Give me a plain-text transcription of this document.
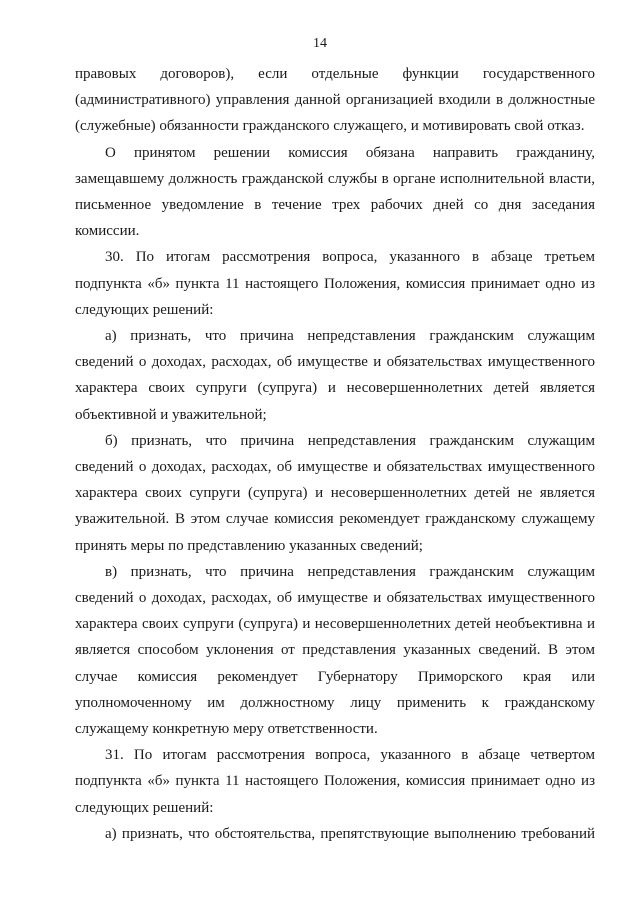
14

правовых договоров), если отдельные функции государственного (административного) управления данной организацией входили в должностные (служебные) обязанности гражданского служащего, и мотивировать свой отказ.

О принятом решении комиссия обязана направить гражданину, замещавшему должность гражданской службы в органе исполнительной власти, письменное уведомление в течение трех рабочих дней со дня заседания комиссии.

30. По итогам рассмотрения вопроса, указанного в абзаце третьем подпункта «б» пункта 11 настоящего Положения, комиссия принимает одно из следующих решений:

а) признать, что причина непредставления гражданским служащим сведений о доходах, расходах, об имуществе и обязательствах имущественного характера своих супруги (супруга) и несовершеннолетних детей является объективной и уважительной;

б) признать, что причина непредставления гражданским служащим сведений о доходах, расходах, об имуществе и обязательствах имущественного характера своих супруги (супруга) и несовершеннолетних детей не является уважительной. В этом случае комиссия рекомендует гражданскому служащему принять меры по представлению указанных сведений;

в) признать, что причина непредставления гражданским служащим сведений о доходах, расходах, об имуществе и обязательствах имущественного характера своих супруги (супруга) и несовершеннолетних детей необъективна и является способом уклонения от представления указанных сведений. В этом случае комиссия рекомендует Губернатору Приморского края или уполномоченному им должностному лицу применить к гражданскому служащему конкретную меру ответственности.

31. По итогам рассмотрения вопроса, указанного в абзаце четвертом подпункта «б» пункта 11 настоящего Положения, комиссия принимает одно из следующих решений:

а) признать, что обстоятельства, препятствующие выполнению требований
